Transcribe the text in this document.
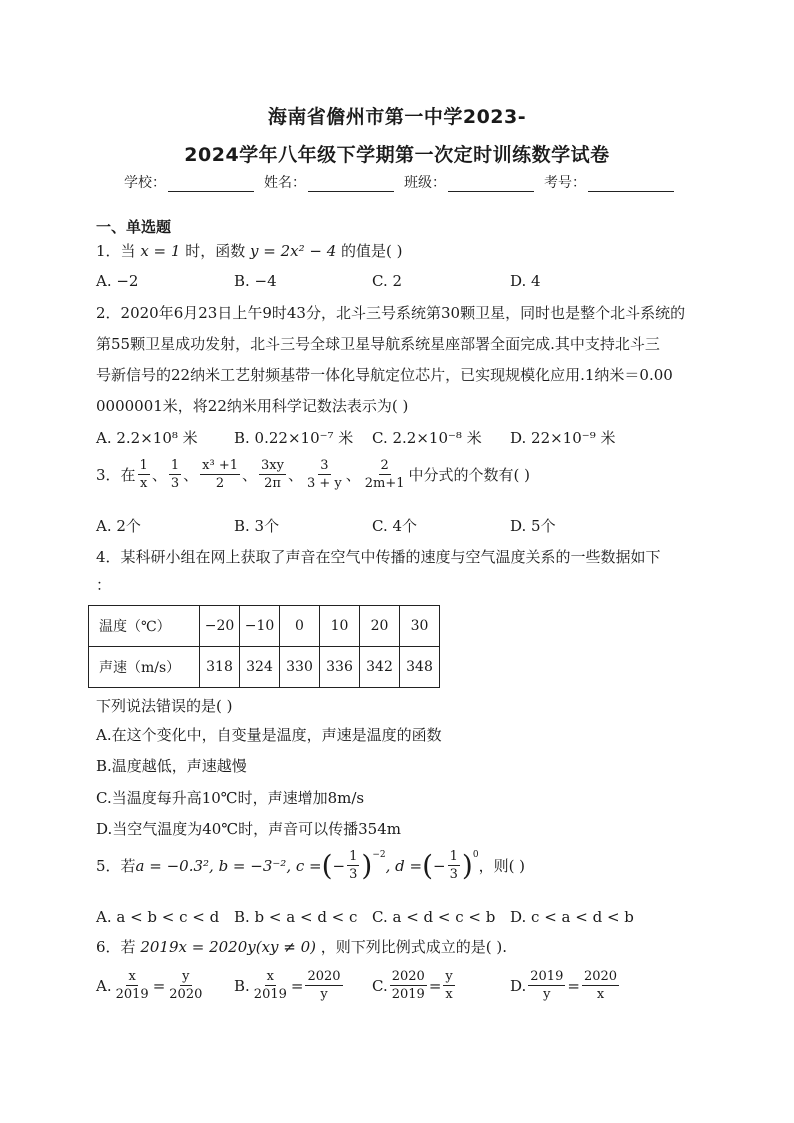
海南省儋州市第一中学2023-
2024学年八年级下学期第一次定时训练数学试卷
学校：	姓名：	班级：	考号：
一、单选题
1．当 x = 1 时，函数 y = 2x² − 4 的值是( )
A. −2	B. −4	C. 2	D. 4
2．2020年6月23日上午9时43分，北斗三号系统第30颗卫星，同时也是整个北斗系统的
第55颗卫星成功发射，北斗三号全球卫星导航系统星座部署全面完成.其中支持北斗三
号新信号的22纳米工艺射频基带一体化导航定位芯片，已实现规模化应用.1纳米＝0.00
0000001米，将22纳米用科学记数法表示为( )
A. 2.2×10⁸ 米 B. 0.22×10⁻⁷ 米 C. 2.2×10⁻⁸ 米 D. 22×10⁻⁹ 米
3．在 $\frac{1}{x}$ 、 $\frac{1}{3}$ 、 $\frac{\text{x³ +1}}{2}$ 、 $\frac{3xy}{2\pi}$ 、 $\frac{3}{3 + y}$ 、 $\frac{2}{2m+1}$ 中分式的个数有( )
A. 2个	B. 3个	C. 4个	D. 5个
4．某科研小组在网上获取了声音在空气中传播的速度与空气温度关系的一些数据如下
：
温度（℃）	−20	−10	0	10	20	30
声速（m/s）	318	324	330	336	342	348
下列说法错误的是( )
A.在这个变化中，自变量是温度，声速是温度的函数
B.温度越低，声速越慢
C.当温度每升高10℃时，声速增加8m/s
D.当空气温度为40℃时，声音可以传播354m
5．若 a = −0.3², b = −3⁻², c = ( − $\frac{1}{3} )^{-2}$
, d = ( − $\frac{1}{3} )^0$
，则( )
A. a < b < c < d B. b < a < d < c C. a < d < c < b D. c < a < d < b
6．若 2019x = 2020y(xy ≠ 0) ，则下列比例式成立的是( ).
A. $\frac{x}{2019} = \frac{y}{2020} B$. $\frac{x}{2019} = \frac{2020}{y} C$. $\frac{2020}{2019} = \frac{y}{x}$	D. $\frac{2019}{y} = \frac{2020}{x}$
